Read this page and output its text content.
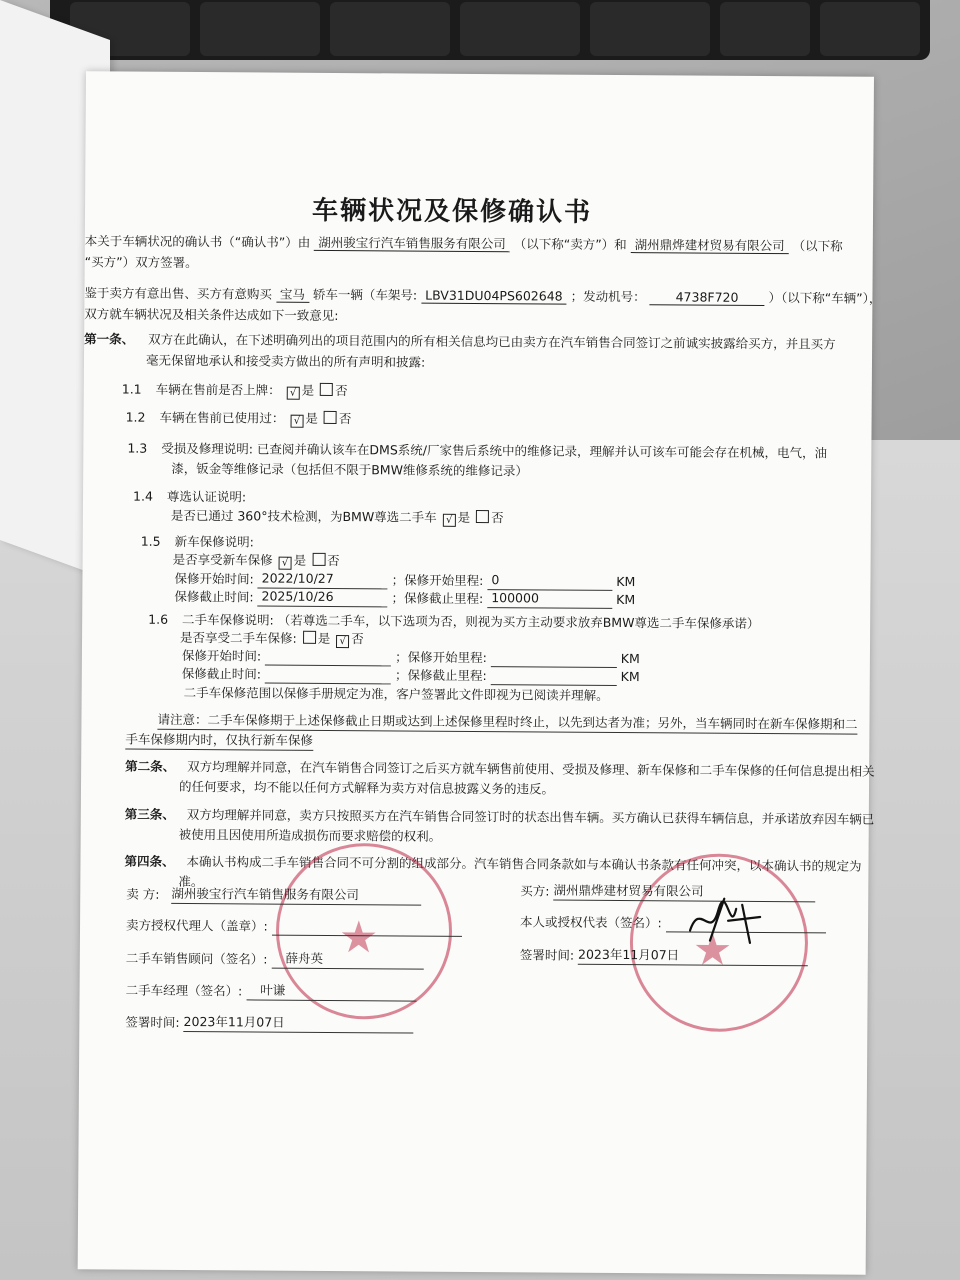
车辆状况及保修确认书
本关于车辆状况的确认书（“确认书”）由 湖州骏宝行汽车销售服务有限公司 （以下称“卖方”）和 湖州鼎烨建材贸易有限公司 （以下称
“买方”）双方签署。
鉴于卖方有意出售、买方有意购买 宝马 轿车一辆（车架号: LBV31DU04PS602648 ；发动机号： 4738F720 ）（以下称“车辆”），
双方就车辆状况及相关条件达成如下一致意见:
第一条、 双方在此确认，在下述明确列出的项目范围内的所有相关信息均已由卖方在汽车销售合同签订之前诚实披露给买方，并且买方
毫无保留地承认和接受卖方做出的所有声明和披露:
1.1 车辆在售前是否上牌： √ 是 否
1.2 车辆在售前已使用过： √ 是 否
1.3 受损及修理说明: 已查阅并确认该车在DMS系统/厂家售后系统中的维修记录，理解并认可该车可能会存在机械，电气，油
漆，钣金等维修记录（包括但不限于BMW维修系统的维修记录）
1.4 尊选认证说明:
是否已通过 360°技术检测，为BMW尊选二手车 √ 是 否
1.5 新车保修说明:
是否享受新车保修 √ 是 否
保修开始时间: 2022/10/27	；保修开始里程: 0	KM
保修截止时间: 2025/10/26	；保修截止里程: 100000	KM
1.6 二手车保修说明: （若尊选二手车，以下选项为否，则视为买方主动要求放弃BMW尊选二手车保修承诺）
是否享受二手车保修: 是 √ 否
保修开始时间:	；保修开始里程:	KM
保修截止时间:	；保修截止里程:	KM
二手车保修范围以保修手册规定为准，客户签署此文件即视为已阅读并理解。
请注意：二手车保修期于上述保修截止日期或达到上述保修里程时终止，以先到达者为准；另外，当车辆同时在新车保修期和二
手车保修期内时，仅执行新车保修
第二条、 双方均理解并同意，在汽车销售合同签订之后买方就车辆售前使用、受损及修理、新车保修和二手车保修的任何信息提出相关
的任何要求，均不能以任何方式解释为卖方对信息披露义务的违反。
第三条、 双方均理解并同意，卖方只按照买方在汽车销售合同签订时的状态出售车辆。买方确认已获得车辆信息，并承诺放弃因车辆已
被使用且因使用所造成损伤而要求赔偿的权利。
第四条、 本确认书构成二手车销售合同不可分割的组成部分。汽车销售合同条款如与本确认书条款有任何冲突，以本确认书的规定为
准。
★	★
卖 方: 湖州骏宝行汽车销售服务有限公司
卖方授权代理人（盖章）:
二手车销售顾问（签名）: 薛舟英
二手车经理（签名）: 叶谦
签署时间: 2023年11月07日
买方: 湖州鼎烨建材贸易有限公司
本人或授权代表（签名）:
签署时间: 2023年11月07日
